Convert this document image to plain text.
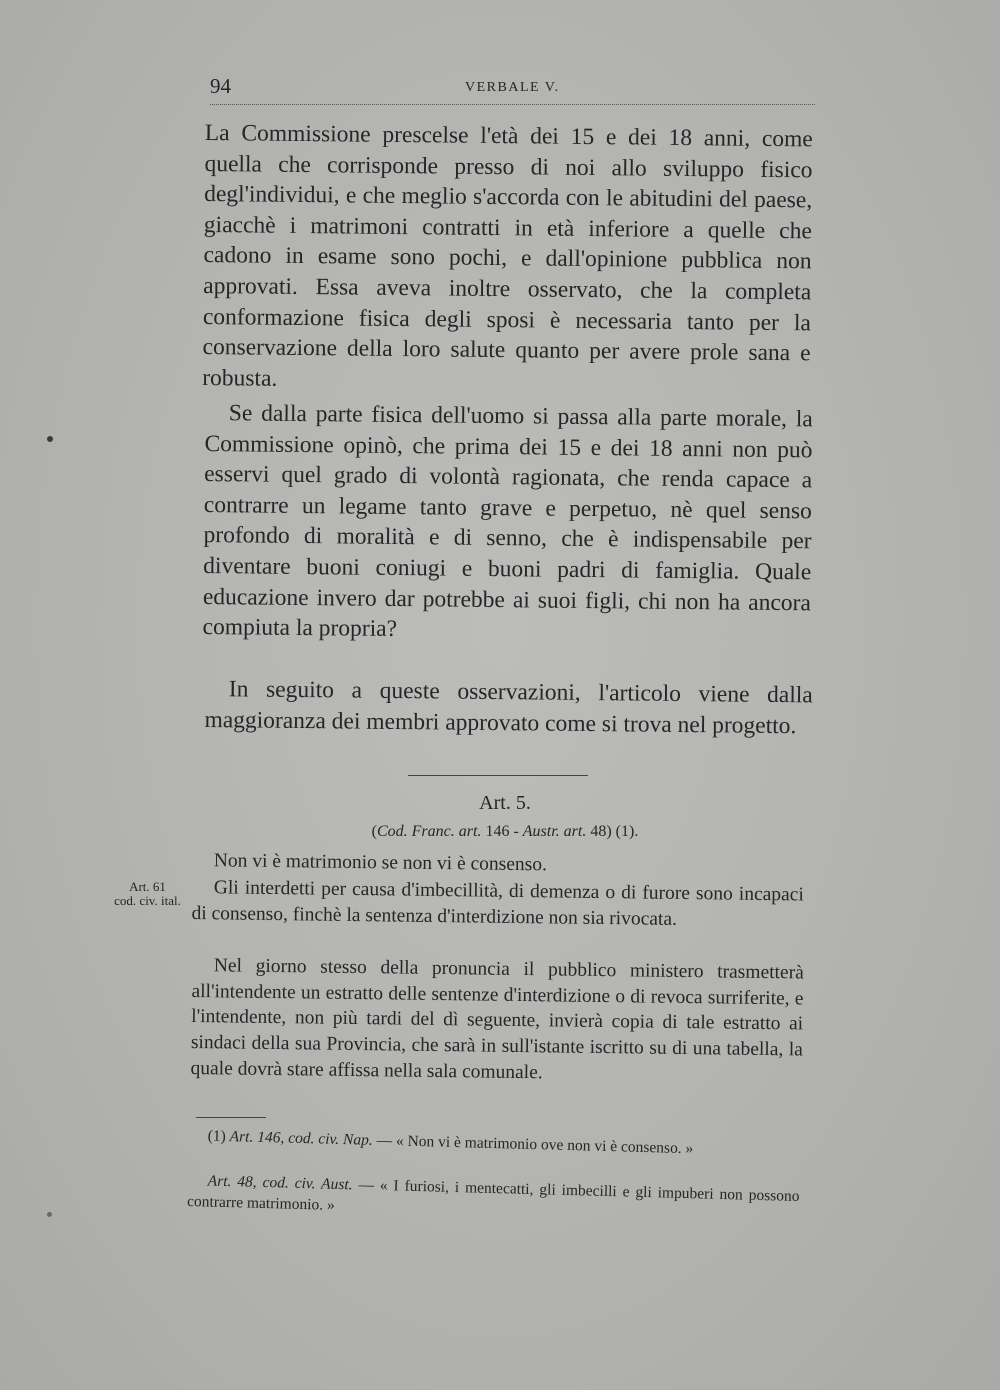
94	VERBALE V.

La Commissione prescelse l'età dei 15 e dei 18 anni, come quella che corrisponde presso di noi allo sviluppo fisico degl'individui, e che meglio s'accorda con le abitudini del paese, giacchè i matrimoni contratti in età inferiore a quelle che cadono in esame sono pochi, e dall'opinione pubblica non approvati. Essa aveva inoltre osservato, che la completa conformazione fisica degli sposi è necessaria tanto per la conservazione della loro salute quanto per avere prole sana e robusta.

Se dalla parte fisica dell'uomo si passa alla parte morale, la Commissione opinò, che prima dei 15 e dei 18 anni non può esservi quel grado di volontà ragionata, che renda capace a contrarre un legame tanto grave e perpetuo, nè quel senso profondo di moralità e di senno, che è indispensabile per diventare buoni coniugi e buoni padri di famiglia. Quale educazione invero dar potrebbe ai suoi figli, chi non ha ancora compiuta la propria?

In seguito a queste osservazioni, l'articolo viene dalla maggioranza dei membri approvato come si trova nel progetto.

Art. 5.
(Cod. Franc. art. 146 - Austr. art. 48) (1).
Art. 61
cod. civ. ital.

Non vi è matrimonio se non vi è consenso.

Gli interdetti per causa d'imbecillità, di demenza o di furore sono incapaci di consenso, finchè la sentenza d'interdizione non sia rivocata.

Nel giorno stesso della pronuncia il pubblico ministero trasmetterà all'intendente un estratto delle sentenze d'interdizione o di revoca surriferite, e l'intendente, non più tardi del dì seguente, invierà copia di tale estratto ai sindaci della sua Provincia, che sarà in sull'istante iscritto su di una tabella, la quale dovrà stare affissa nella sala comunale.

(1) Art. 146, cod. civ. Nap. — « Non vi è matrimonio ove non vi è consenso. »

Art. 48, cod. civ. Aust. — « I furiosi, i mentecatti, gli imbecilli e gli impuberi non possono contrarre matrimonio. »
